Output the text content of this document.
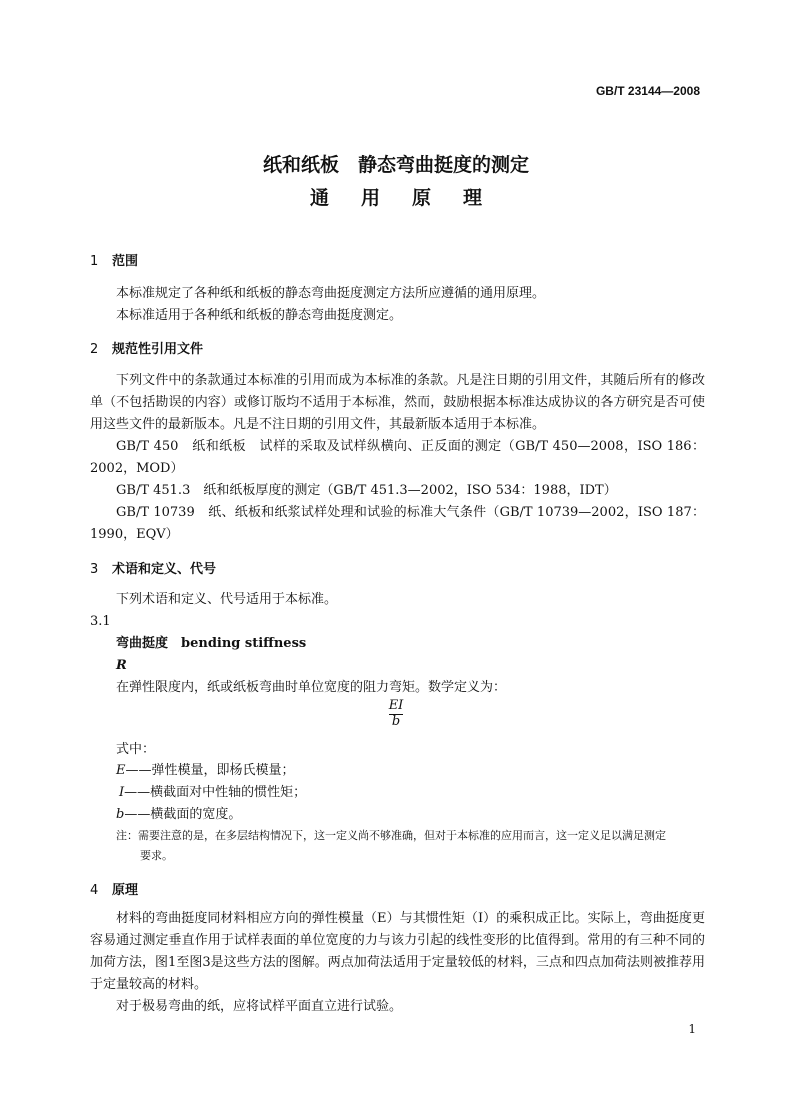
GB/T 23144—2008
纸和纸板　静态弯曲挺度的测定
通用原理
1 范围
本标准规定了各种纸和纸板的静态弯曲挺度测定方法所应遵循的通用原理。
本标准适用于各种纸和纸板的静态弯曲挺度测定。
2 规范性引用文件
下列文件中的条款通过本标准的引用而成为本标准的条款。凡是注日期的引用文件，其随后所有的修改单（不包括勘误的内容）或修订版均不适用于本标准，然而，鼓励根据本标准达成协议的各方研究是否可使用这些文件的最新版本。凡是不注日期的引用文件，其最新版本适用于本标准。
GB/T 450　纸和纸板　试样的采取及试样纵横向、正反面的测定（GB/T 450—2008，ISO 186：2002，MOD）
GB/T 451.3　纸和纸板厚度的测定（GB/T 451.3—2002，ISO 534：1988，IDT）
GB/T 10739　纸、纸板和纸浆试样处理和试验的标准大气条件（GB/T 10739—2002，ISO 187：1990，EQV）
3 术语和定义、代号
下列术语和定义、代号适用于本标准。
3.1
弯曲挺度　bending stiffness
R
在弹性限度内，纸或纸板弯曲时单位宽度的阻力弯矩。数学定义为：
EI
b
式中：
E——弹性模量，即杨氏模量；
I——横截面对中性轴的惯性矩；
b——横截面的宽度。
注：需要注意的是，在多层结构情况下，这一定义尚不够准确，但对于本标准的应用而言，这一定义足以满足测定
要求。
4 原理
材料的弯曲挺度同材料相应方向的弹性模量（E）与其惯性矩（I）的乘积成正比。实际上，弯曲挺度更容易通过测定垂直作用于试样表面的单位宽度的力与该力引起的线性变形的比值得到。常用的有三种不同的加荷方法，图1至图3是这些方法的图解。两点加荷法适用于定量较低的材料，三点和四点加荷法则被推荐用于定量较高的材料。
对于极易弯曲的纸，应将试样平面直立进行试验。
1
